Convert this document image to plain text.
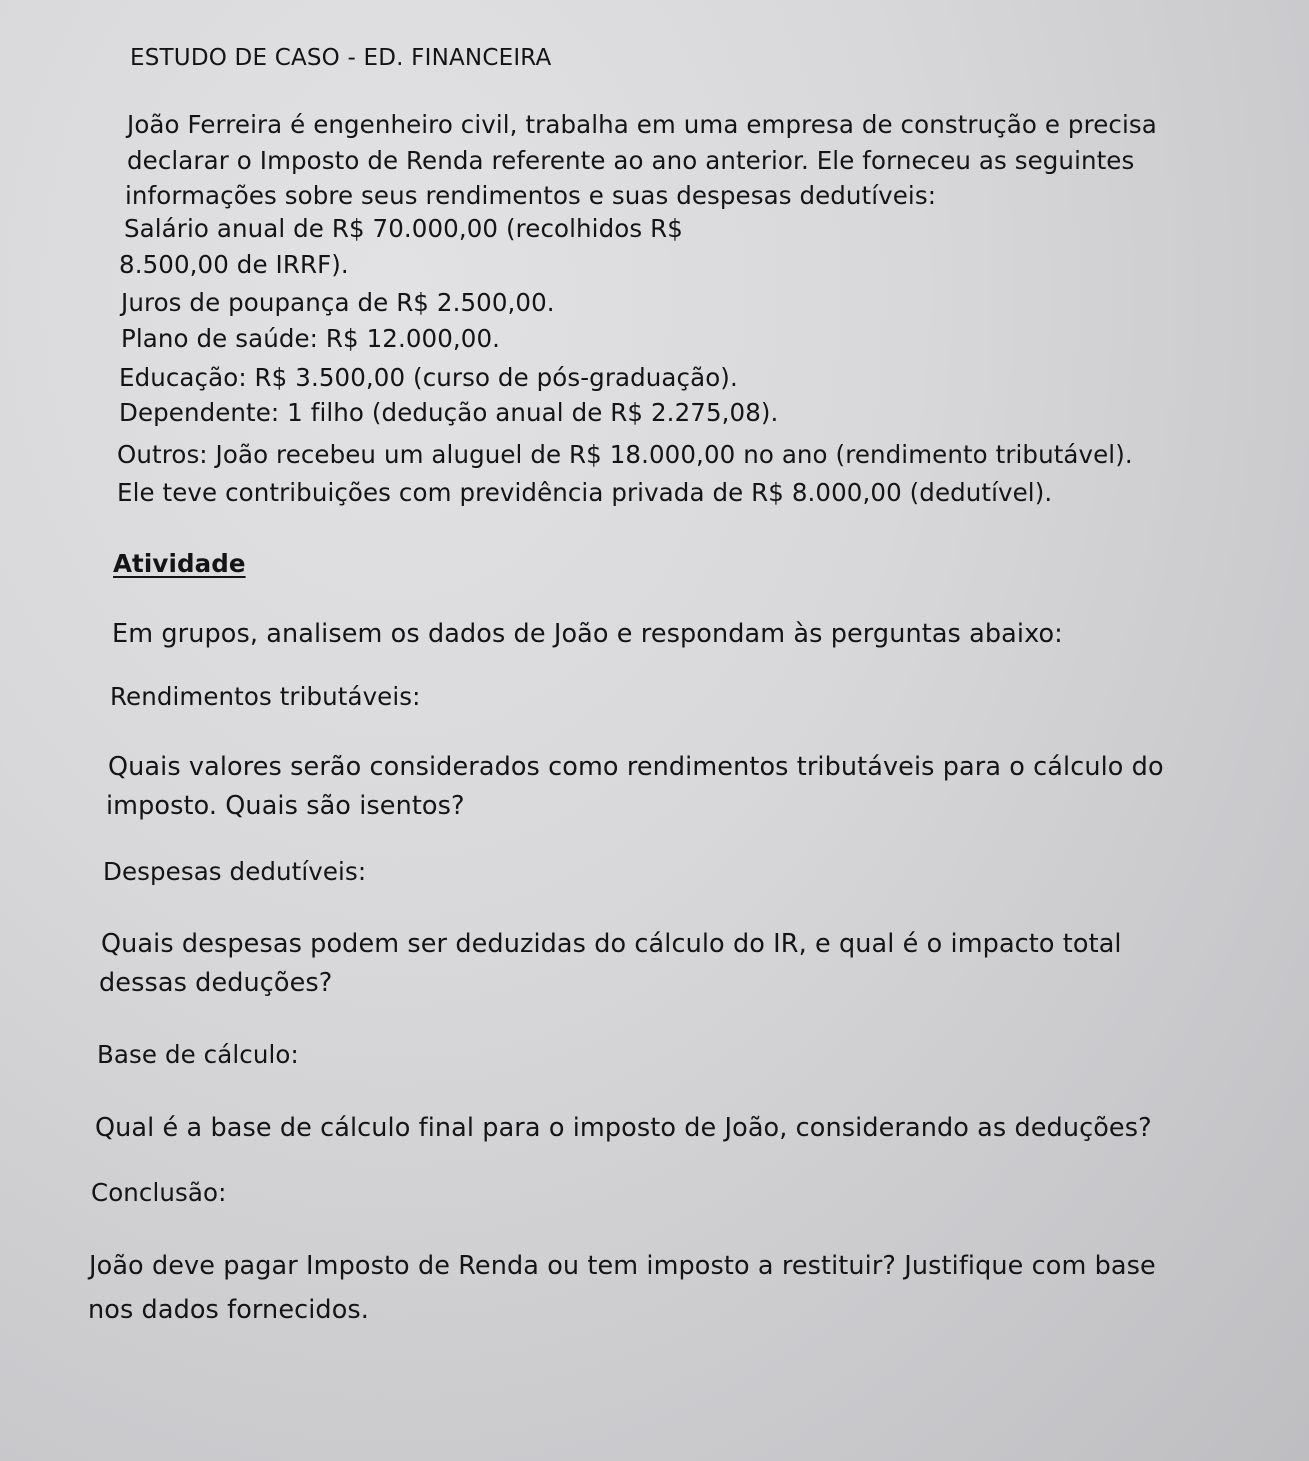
ESTUDO DE CASO - ED. FINANCEIRA
João Ferreira é engenheiro civil, trabalha em uma empresa de construção e precisa
declarar o Imposto de Renda referente ao ano anterior. Ele forneceu as seguintes
informações sobre seus rendimentos e suas despesas dedutíveis:
Salário anual de R$ 70.000,00 (recolhidos R$
8.500,00 de IRRF).
Juros de poupança de R$ 2.500,00.
Plano de saúde: R$ 12.000,00.
Educação: R$ 3.500,00 (curso de pós-graduação).
Dependente: 1 filho (dedução anual de R$ 2.275,08).
Outros: João recebeu um aluguel de R$ 18.000,00 no ano (rendimento tributável).
Ele teve contribuições com previdência privada de R$ 8.000,00 (dedutível).
Atividade
Em grupos, analisem os dados de João e respondam às perguntas abaixo:
Rendimentos tributáveis:
Quais valores serão considerados como rendimentos tributáveis para o cálculo do
imposto. Quais são isentos?
Despesas dedutíveis:
Quais despesas podem ser deduzidas do cálculo do IR, e qual é o impacto total
dessas deduções?
Base de cálculo:
Qual é a base de cálculo final para o imposto de João, considerando as deduções?
Conclusão:
João deve pagar Imposto de Renda ou tem imposto a restituir? Justifique com base
nos dados fornecidos.
